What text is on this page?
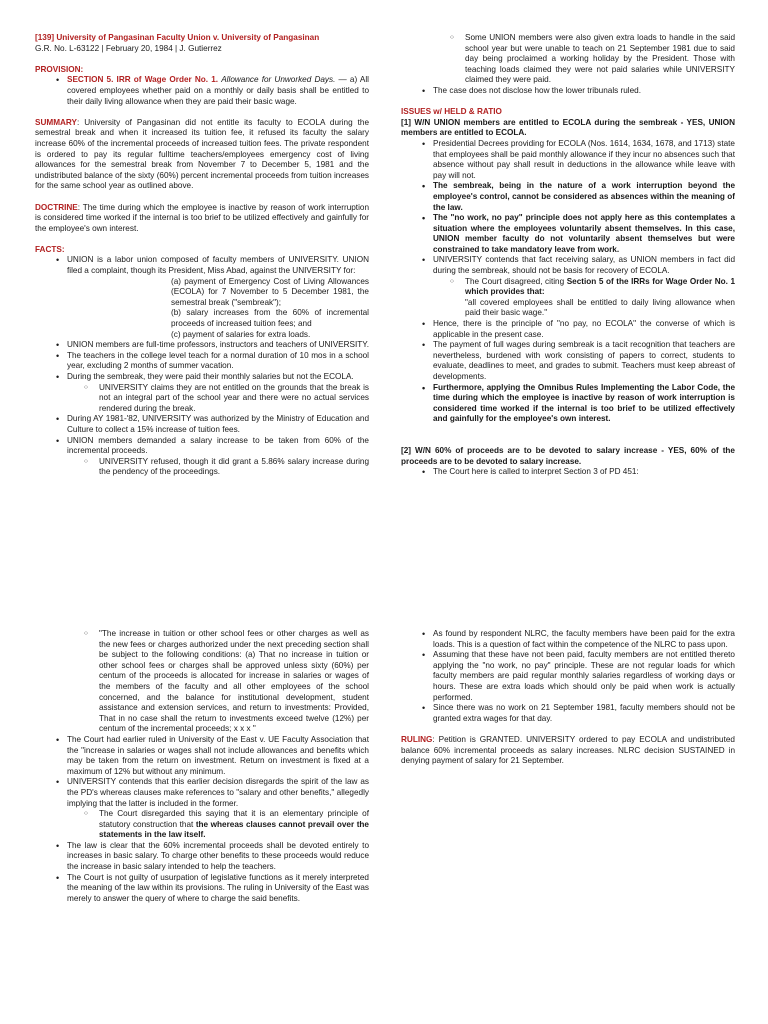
[139] University of Pangasinan Faculty Union v. University of Pangasinan

G.R. No. L-63122 | February 20, 1984 | J. Gutierrez

PROVISION:

• SECTION 5. IRR of Wage Order No. 1. Allowance for Unworked Days. — a) All covered employees whether paid on a monthly or daily basis shall be entitled to their daily living allowance when they are paid their basic wage.

SUMMARY: University of Pangasinan did not entitle its faculty to ECOLA during the semestral break and when it increased its tuition fee, it refused its faculty the salary increase 60% of the incremental proceeds of increased tuition fees. The private respondent is ordered to pay its regular fulltime teachers/employees emergency cost of living allowances for the semestral break from November 7 to December 5, 1981 and the undistributed balance of the sixty (60%) percent incremental proceeds from tuition increases for the same school year as outlined above.

DOCTRINE: The time during which the employee is inactive by reason of work interruption is considered time worked if the internal is too brief to be utilized effectively and gainfully for the employee's own interest.

FACTS:

• UNION is a labor union composed of faculty members of UNIVERSITY. UNION filed a complaint, though its President, Miss Abad, against the UNIVERSITY for:
(a) payment of Emergency Cost of Living Allowances (ECOLA) for 7 November to 5 December 1981, the semestral break ("sembreak");
(b) salary increases from the 60% of incremental proceeds of increased tuition fees; and
(c) payment of salaries for extra loads.
• UNION members are full-time professors, instructors and teachers of UNIVERSITY.
• The teachers in the college level teach for a normal duration of 10 mos in a school year, excluding 2 months of summer vacation.
• During the sembreak, they were paid their monthly salaries but not the ECOLA.
○ UNIVERSITY claims they are not entitled on the grounds that the break is not an integral part of the school year and there were no actual services rendered during the break.
• During AY 1981-'82, UNIVERSITY was authorized by the Ministry of Education and Culture to collect a 15% increase of tuition fees.
• UNION members demanded a salary increase to be taken from 60% of the incremental proceeds.
○ UNIVERSITY refused, though it did grant a 5.86% salary increase during the pendency of the proceedings.
○ Some UNION members were also given extra loads to handle in the said school year but were unable to teach on 21 September 1981 due to said day being proclaimed a working holiday by the President. Those with teaching loads claimed they were not paid salaries while UNIVERSITY claimed they were paid.
• The case does not disclose how the lower tribunals ruled.

ISSUES w/ HELD & RATIO

[1] W/N UNION members are entitled to ECOLA during the sembreak - YES, UNION members are entitled to ECOLA.

• Presidential Decrees providing for ECOLA (Nos. 1614, 1634, 1678, and 1713) state that employees shall be paid monthly allowance if they incur no absences such that absence without pay shall result in deductions in the allowance while leave with pay will not.
• The sembreak, being in the nature of a work interruption beyond the employee's control, cannot be considered as absences within the meaning of the law.
• The "no work, no pay" principle does not apply here as this contemplates a situation where the employees voluntarily absent themselves. In this case, UNION member faculty do not voluntarily absent themselves but were constrained to take mandatory leave from work.
• UNIVERSITY contends that fact receiving salary, as UNION members in fact did during the sembreak, should not be basis for recovery of ECOLA.
○ The Court disagreed, citing Section 5 of the IRRs for Wage Order No. 1 which provides that:
"all covered employees shall be entitled to daily living allowance when paid their basic wage."
• Hence, there is the principle of "no pay, no ECOLA" the converse of which is applicable in the present case.
• The payment of full wages during sembreak is a tacit recognition that teachers are nevertheless, burdened with work consisting of papers to correct, students to evaluate, deadlines to meet, and grades to submit. Teachers must keep abreast of developments.
• Furthermore, applying the Omnibus Rules Implementing the Labor Code, the time during which the employee is inactive by reason of work interruption is considered time worked if the internal is too brief to be utilized effectively and gainfully for the employee's own interest.

[2] W/N 60% of proceeds are to be devoted to salary increase - YES, 60% of the proceeds are to be devoted to salary increase.

• The Court here is called to interpret Section 3 of PD 451:
○ "The increase in tuition or other school fees or other charges as well as the new fees or charges authorized under the next preceding section shall be subject to the following conditions: (a) That no increase in tuition or other school fees or charges shall be approved unless sixty (60%) per centum of the proceeds is allocated for increase in salaries or wages of the members of the faculty and all other employees of the school concerned, and the balance for institutional development, student assistance and extension services, and return to investments: Provided, That in no case shall the return to investments exceed twelve (12%) per centum of the incremental proceeds; x x x "
• The Court had earlier ruled in University of the East v. UE Faculty Association that the "increase in salaries or wages shall not include allowances and benefits which may be taken from the return on investment. Return on investment is fixed at a maximum of 12% but without any minimum.
• UNIVERSITY contends that this earlier decision disregards the spirit of the law as the PD's whereas clauses make references to "salary and other benefits," allegedly implying that the latter is included in the former.
○ The Court disregarded this saying that it is an elementary principle of statutory construction that the whereas clauses cannot prevail over the statements in the law itself.
• The law is clear that the 60% incremental proceeds shall be devoted entirely to increases in basic salary. To charge other benefits to these proceeds would reduce the increase in basic salary intended to help the teachers.
• The Court is not guilty of usurpation of legislative functions as it merely interpreted the meaning of the law within its provisions. The ruling in University of the East was merely to answer the query of where to charge the said benefits.
• As found by respondent NLRC, the faculty members have been paid for the extra loads. This is a question of fact within the competence of the NLRC to pass upon.
• Assuming that these have not been paid, faculty members are not entitled thereto applying the "no work, no pay" principle. These are not regular loads for which faculty members are paid regular monthly salaries regardless of working days or hours. These are extra loads which should only be paid when work is actually performed.
• Since there was no work on 21 September 1981, faculty members should not be granted extra wages for that day.

RULING: Petition is GRANTED. UNIVERSITY ordered to pay ECOLA and undistributed balance 60% incremental proceeds as salary increases. NLRC decision SUSTAINED in denying payment of salary for 21 September.
